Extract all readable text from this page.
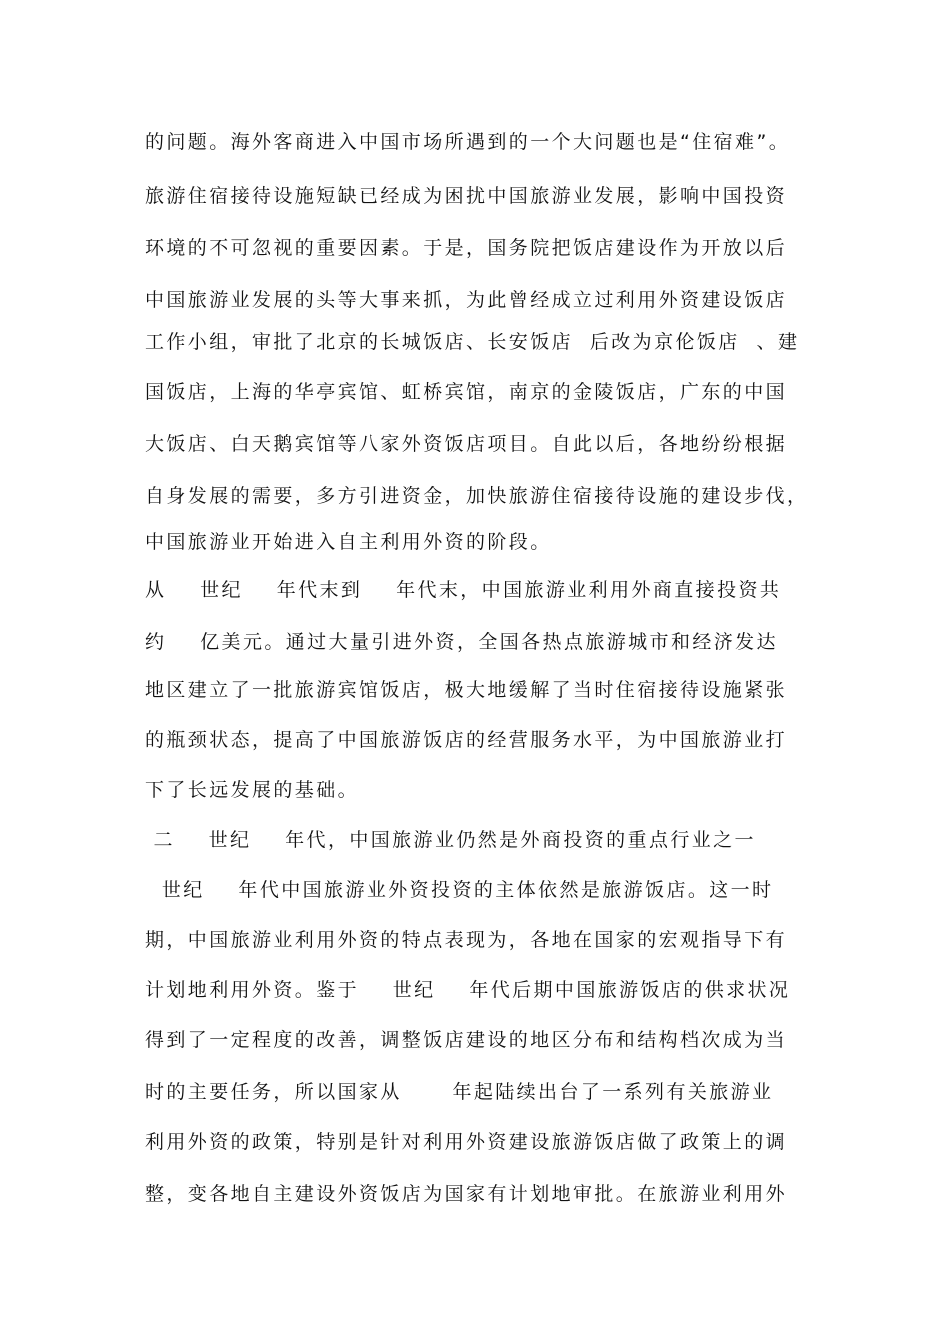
的问题。海外客商进入中国市场所遇到的一个大问题也是“住宿难”。
旅游住宿接待设施短缺已经成为困扰中国旅游业发展，影响中国投资
环境的不可忽视的重要因素。于是，国务院把饭店建设作为开放以后
中国旅游业发展的头等大事来抓，为此曾经成立过利用外资建设饭店
工作小组，审批了北京的长城饭店、长安饭店  后改为京伦饭店  、建
国饭店，上海的华亭宾馆、虹桥宾馆，南京的金陵饭店，广东的中国
大饭店、白天鹅宾馆等八家外资饭店项目。自此以后，各地纷纷根据
自身发展的需要，多方引进资金，加快旅游住宿接待设施的建设步伐，
中国旅游业开始进入自主利用外资的阶段。
从    世纪    年代末到    年代末，中国旅游业利用外商直接投资共
约    亿美元。通过大量引进外资，全国各热点旅游城市和经济发达
地区建立了一批旅游宾馆饭店，极大地缓解了当时住宿接待设施紧张
的瓶颈状态，提高了中国旅游饭店的经营服务水平，为中国旅游业打
下了长远发展的基础。
二    世纪    年代，中国旅游业仍然是外商投资的重点行业之一
世纪    年代中国旅游业外资投资的主体依然是旅游饭店。这一时
期，中国旅游业利用外资的特点表现为，各地在国家的宏观指导下有
计划地利用外资。鉴于    世纪    年代后期中国旅游饭店的供求状况
得到了一定程度的改善，调整饭店建设的地区分布和结构档次成为当
时的主要任务，所以国家从      年起陆续出台了一系列有关旅游业
利用外资的政策，特别是针对利用外资建设旅游饭店做了政策上的调
整，变各地自主建设外资饭店为国家有计划地审批。在旅游业利用外
